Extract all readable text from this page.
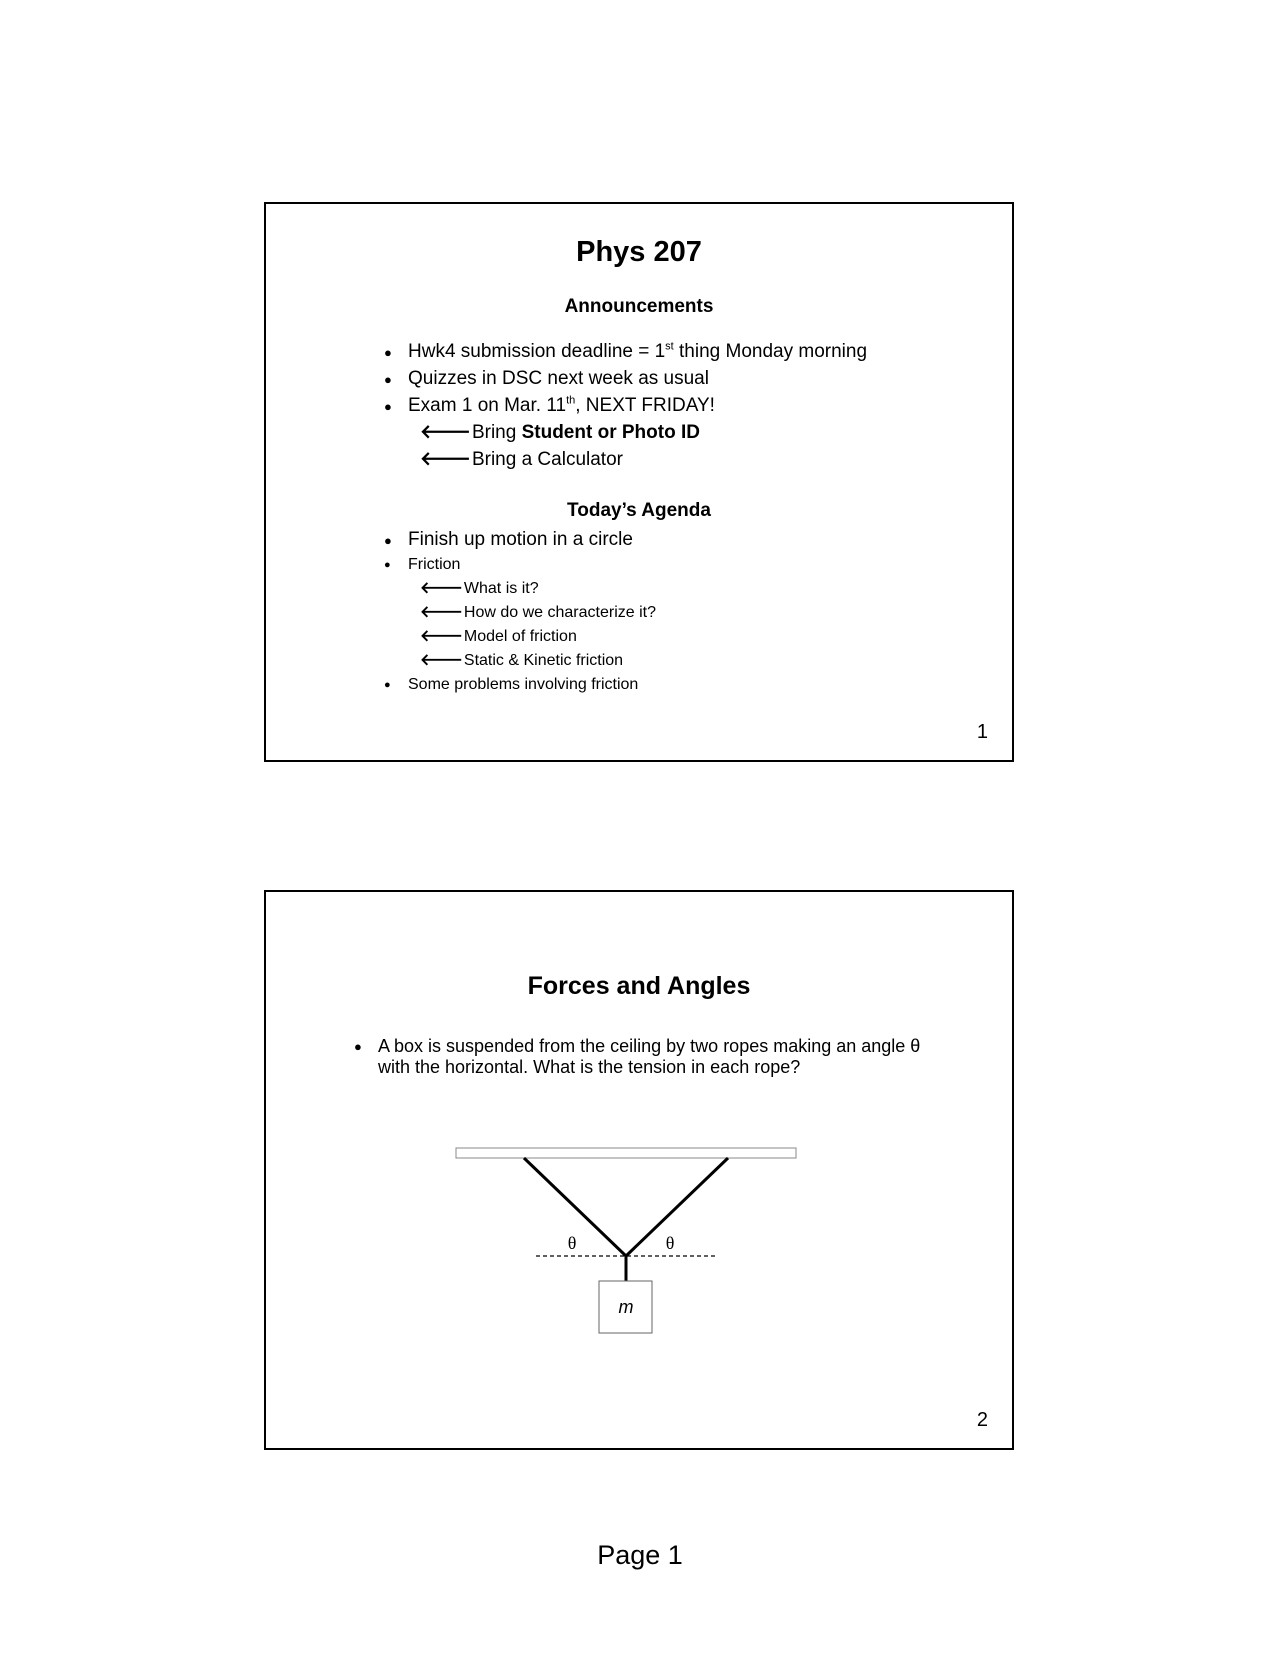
Phys 207
Announcements
● Hwk4 submission deadline = 1st thing Monday morning
● Quizzes in DSC next week as usual
● Exam 1 on Mar. 11th, NEXT FRIDAY!
🡐Bring Student or Photo ID
🡐Bring a Calculator
Today’s Agenda
● Finish up motion in a circle
● Friction
🡐What is it?
🡐How do we characterize it?
🡐Model of friction
🡐Static & Kinetic friction
● Some problems involving friction
1
Forces and Angles
● A box is suspended from the ceiling by two ropes making an angle θ with the horizontal. What is the tension in each rope?
θ	θ
m
2
Page 1
